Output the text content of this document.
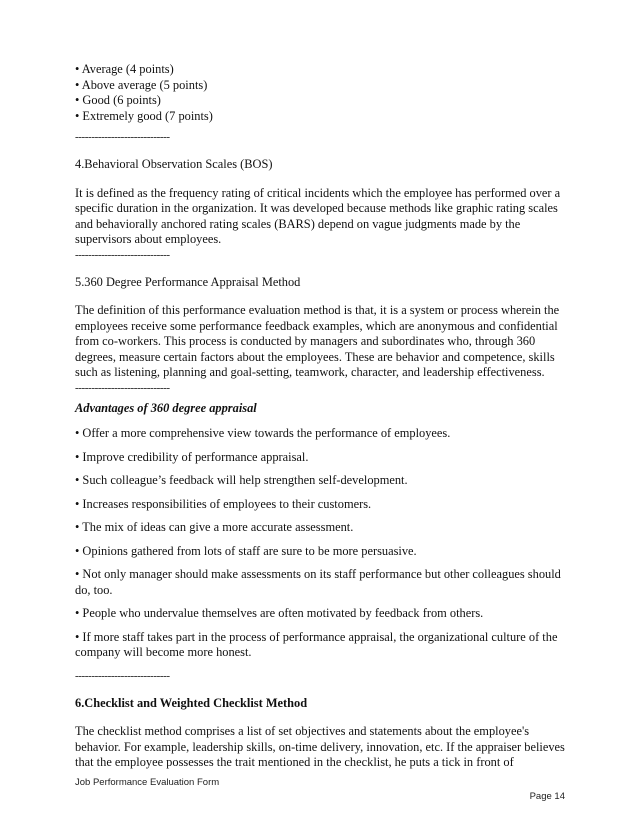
• Average (4 points)

• Above average (5 points)

• Good (6 points)

• Extremely good (7 points)

-----------------------------

4.Behavioral Observation Scales (BOS)

It is defined as the frequency rating of critical incidents which the employee has performed over a specific duration in the organization. It was developed because methods like graphic rating scales and behaviorally anchored rating scales (BARS) depend on vague judgments made by the supervisors about employees.

-----------------------------

5.360 Degree Performance Appraisal Method

The definition of this performance evaluation method is that, it is a system or process wherein the employees receive some performance feedback examples, which are anonymous and confidential from co-workers. This process is conducted by managers and subordinates who, through 360 degrees, measure certain factors about the employees. These are behavior and competence, skills such as listening, planning and goal-setting, teamwork, character, and leadership effectiveness.

-----------------------------

Advantages of 360 degree appraisal

• Offer a more comprehensive view towards the performance of employees.

• Improve credibility of performance appraisal.

• Such colleague’s feedback will help strengthen self-development.

• Increases responsibilities of employees to their customers.

• The mix of ideas can give a more accurate assessment.

• Opinions gathered from lots of staff are sure to be more persuasive.

• Not only manager should make assessments on its staff performance but other colleagues should do, too.

• People who undervalue themselves are often motivated by feedback from others.

• If more staff takes part in the process of performance appraisal, the organizational culture of the company will become more honest.

-----------------------------

6.Checklist and Weighted Checklist Method

The checklist method comprises a list of set objectives and statements about the employee's behavior. For example, leadership skills, on-time delivery, innovation, etc. If the appraiser believes that the employee possesses the trait mentioned in the checklist, he puts a tick in front of

Job Performance Evaluation Form
Page 14
